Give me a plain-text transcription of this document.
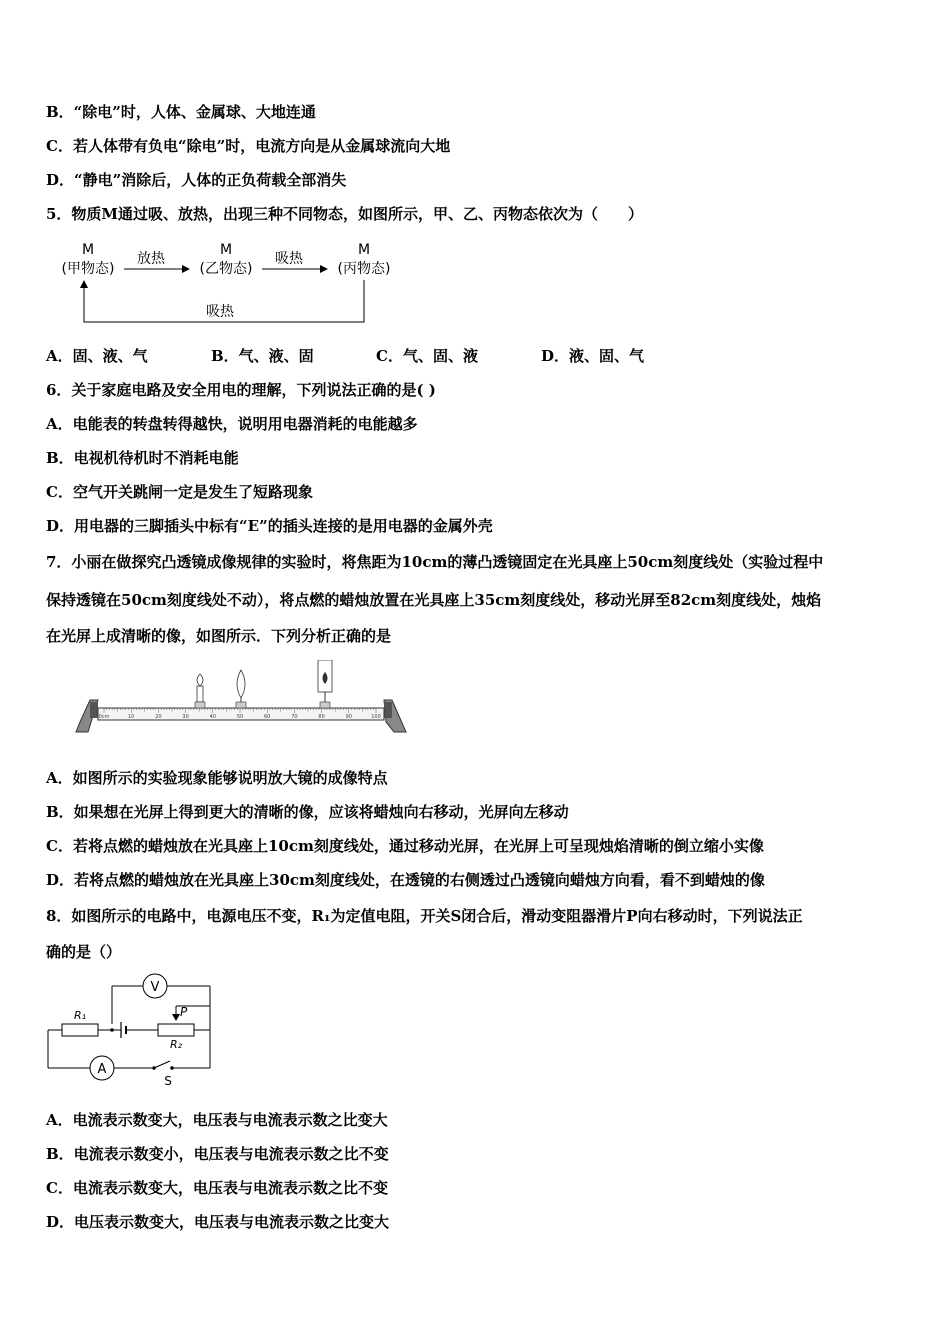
B．“除电”时，人体、金属球、大地连通
C．若人体带有负电“除电”时，电流方向是从金属球流向大地
D．“静电”消除后，人体的正负荷载全部消失
5．物质M通过吸、放热，出现三种不同物态，如图所示，甲、乙、丙物态依次为（　　）
M
(甲物态)
放热
M
(乙物态)
吸热
M
(丙物态)
吸热
A．固、液、气	B．气、液、固	C．气、固、液	D．液、固、气
6．关于家庭电路及安全用电的理解，下列说法正确的是( )
A．电能表的转盘转得越快，说明用电器消耗的电能越多
B．电视机待机时不消耗电能
C．空气开关跳闸一定是发生了短路现象
D．用电器的三脚插头中标有“E”的插头连接的是用电器的金属外壳
7．小丽在做探究凸透镜成像规律的实验时，将焦距为10cm的薄凸透镜固定在光具座上50cm刻度线处（实验过程中
保持透镜在50cm刻度线处不动），将点燃的蜡烛放置在光具座上35cm刻度线处，移动光屏至82cm刻度线处，烛焰
在光屏上成清晰的像，如图所示．下列分析正确的是
0cm	10	20	30	40	50	60	70	80	90	100
A．如图所示的实验现象能够说明放大镜的成像特点
B．如果想在光屏上得到更大的清晰的像，应该将蜡烛向右移动，光屏向左移动
C．若将点燃的蜡烛放在光具座上10cm刻度线处，通过移动光屏，在光屏上可呈现烛焰清晰的倒立缩小实像
D．若将点燃的蜡烛放在光具座上30cm刻度线处，在透镜的右侧透过凸透镜向蜡烛方向看，看不到蜡烛的像
8．如图所示的电路中，电源电压不变，R₁为定值电阻，开关S闭合后，滑动变阻器滑片P向右移动时，下列说法正
确的是（）
V
P
R₁
R₂
A
S
A．电流表示数变大，电压表与电流表示数之比变大
B．电流表示数变小，电压表与电流表示数之比不变
C．电流表示数变大，电压表与电流表示数之比不变
D．电压表示数变大，电压表与电流表示数之比变大
